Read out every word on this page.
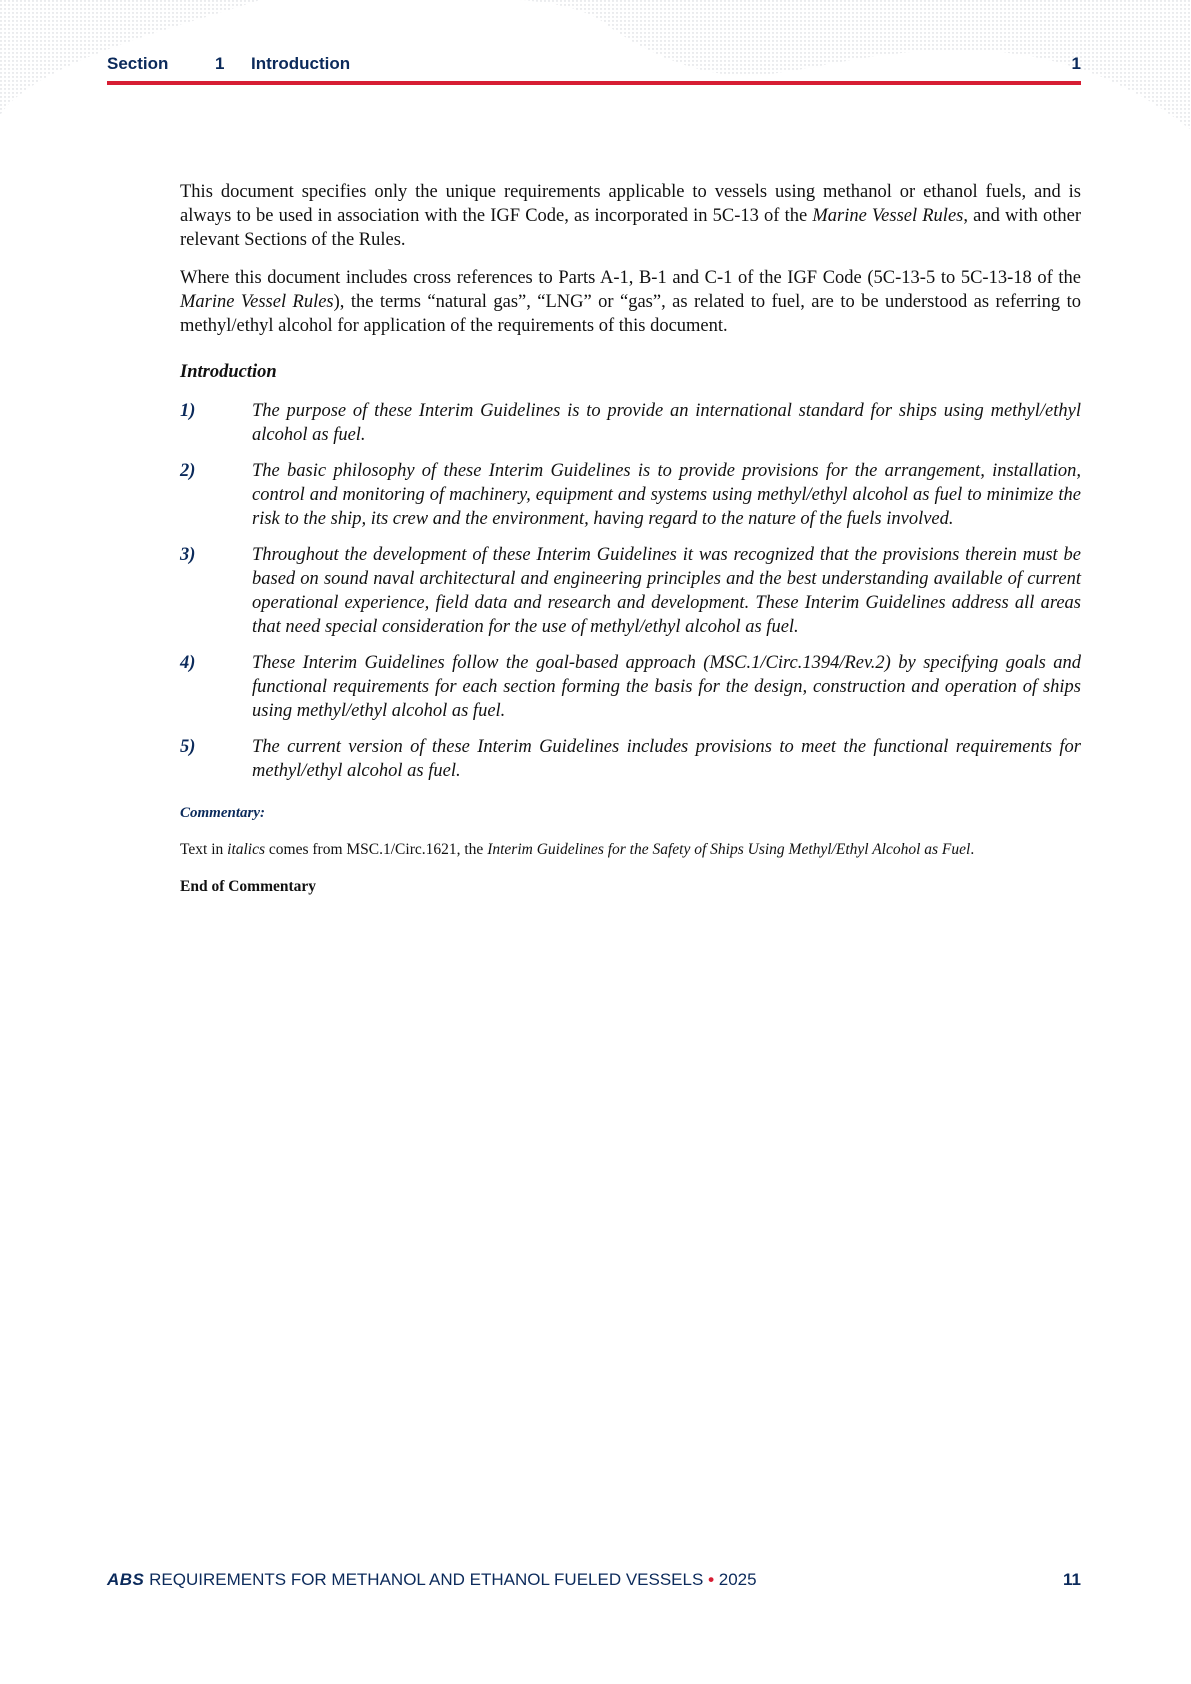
Section	1 Introduction	1

This document specifies only the unique requirements applicable to vessels using methanol or ethanol fuels, and is always to be used in association with the IGF Code, as incorporated in 5C-13 of the Marine Vessel Rules, and with other relevant Sections of the Rules.

Where this document includes cross references to Parts A-1, B-1 and C-1 of the IGF Code (5C-13-5 to 5C-13-18 of the Marine Vessel Rules), the terms “natural gas”, “LNG” or “gas”, as related to fuel, are to be understood as referring to methyl/ethyl alcohol for application of the requirements of this document.

Introduction
1)	The purpose of these Interim Guidelines is to provide an international standard for ships using methyl/ethyl alcohol as fuel.
2)	The basic philosophy of these Interim Guidelines is to provide provisions for the arrangement, installation, control and monitoring of machinery, equipment and systems using methyl/ethyl alcohol as fuel to minimize the risk to the ship, its crew and the environment, having regard to the nature of the fuels involved.
3)	Throughout the development of these Interim Guidelines it was recognized that the provisions therein must be based on sound naval architectural and engineering principles and the best understanding available of current operational experience, field data and research and development. These Interim Guidelines address all areas that need special consideration for the use of methyl/ethyl alcohol as fuel.
4)	These Interim Guidelines follow the goal-based approach (MSC.1/Circ.1394/Rev.2) by specifying goals and functional requirements for each section forming the basis for the design, construction and operation of ships using methyl/ethyl alcohol as fuel.
5)	The current version of these Interim Guidelines includes provisions to meet the functional requirements for methyl/ethyl alcohol as fuel.
Commentary:

Text in italics comes from MSC.1/Circ.1621, the Interim Guidelines for the Safety of Ships Using Methyl/Ethyl Alcohol as Fuel.

End of Commentary
ABS REQUIREMENTS FOR METHANOL AND ETHANOL FUELED VESSELS • 2025	11
